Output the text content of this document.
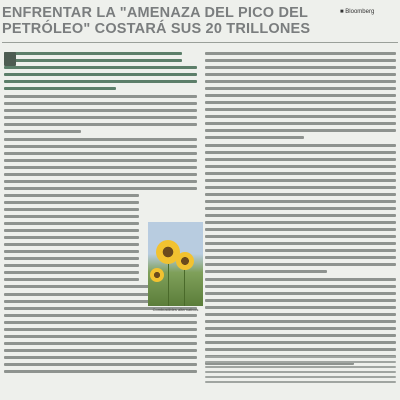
ENFRENTAR LA "AMENAZA DEL PICO DEL PETRÓLEO" COSTARÁ SUS 20 TRILLONES
■ Bloomberg
Combustibles alternativos
